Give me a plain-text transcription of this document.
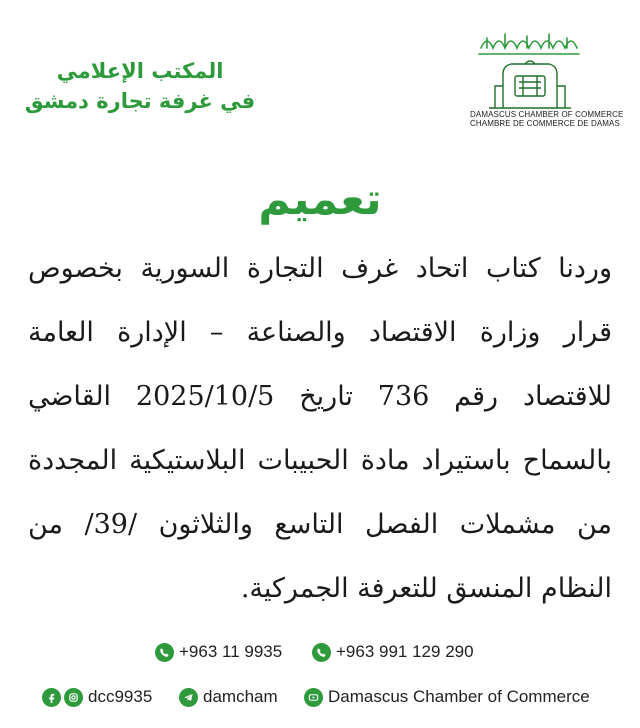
DAMASCUS CHAMBER OF COMMERCE
CHAMBRE DE COMMERCE DE DAMAS
المكتب الإعلامي
في غرفة تجارة دمشق
تعميم
وردنا كتاب اتحاد غرف التجارة السورية بخصوص قرار وزارة الاقتصاد والصناعة – الإدارة العامة للاقتصاد رقم 736 تاريخ 2025/10/5 القاضي بالسماح باستيراد مادة الحبيبات البلاستيكية المجددة من مشملات الفصل التاسع والثلاثون /39/ من النظام المنسق للتعرفة الجمركية.
+963 11 9935	+963 991 129 290
dcc9935	damcham	Damascus Chamber of Commerce
